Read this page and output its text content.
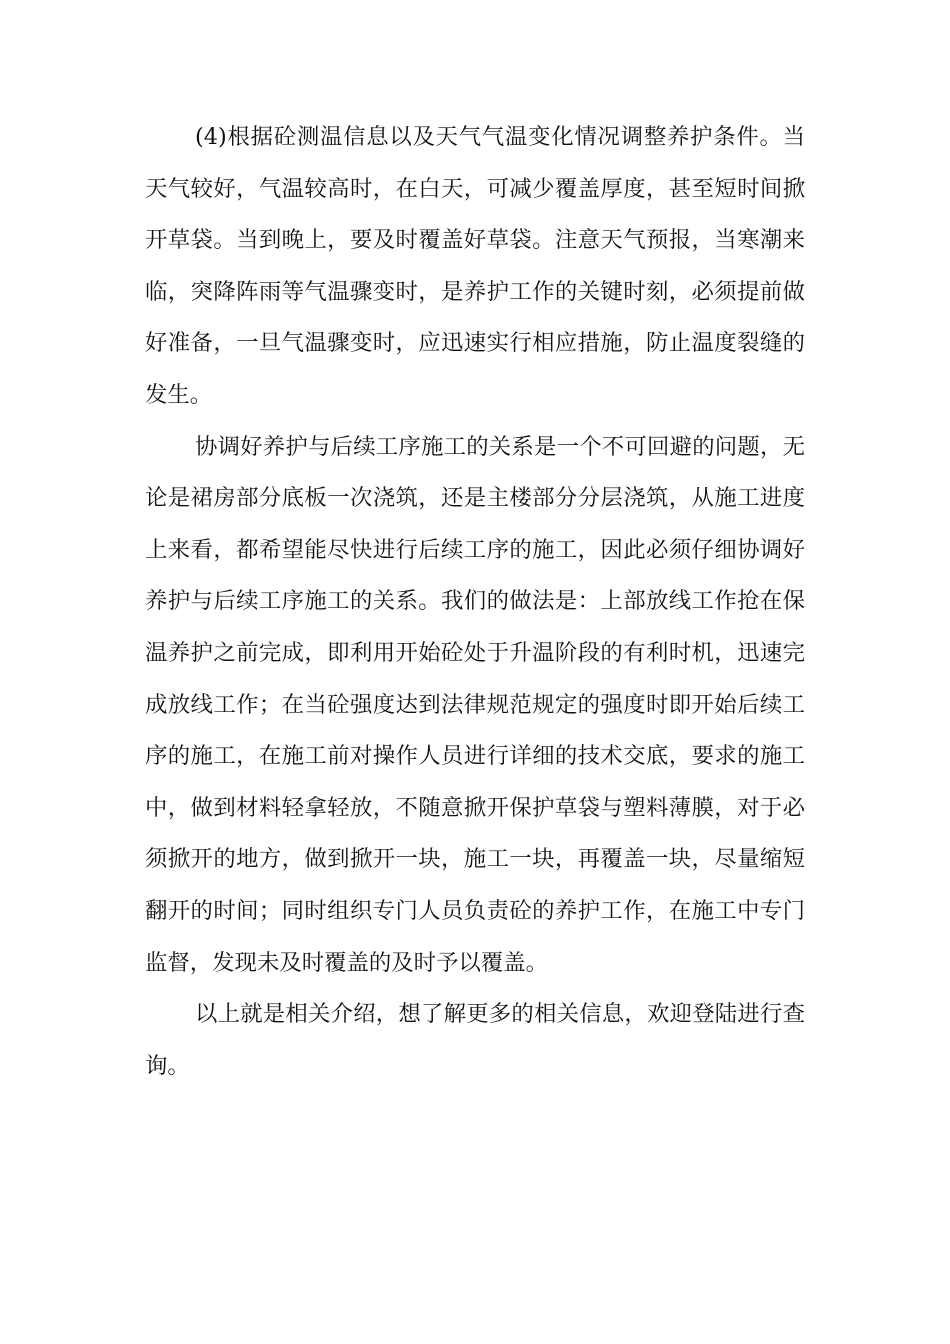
(4)根据砼测温信息以及天气气温变化情况调整养护条件。当
天气较好，气温较高时，在白天，可减少覆盖厚度，甚至短时间掀
开草袋。当到晚上，要及时覆盖好草袋。注意天气预报，当寒潮来
临，突降阵雨等气温骤变时，是养护工作的关键时刻，必须提前做
好准备，一旦气温骤变时，应迅速实行相应措施，防止温度裂缝的
发生。
协调好养护与后续工序施工的关系是一个不可回避的问题，无
论是裙房部分底板一次浇筑，还是主楼部分分层浇筑，从施工进度
上来看，都希望能尽快进行后续工序的施工，因此必须仔细协调好
养护与后续工序施工的关系。我们的做法是：上部放线工作抢在保
温养护之前完成，即利用开始砼处于升温阶段的有利时机，迅速完
成放线工作；在当砼强度达到法律规范规定的强度时即开始后续工
序的施工，在施工前对操作人员进行详细的技术交底，要求的施工
中，做到材料轻拿轻放，不随意掀开保护草袋与塑料薄膜，对于必
须掀开的地方，做到掀开一块，施工一块，再覆盖一块，尽量缩短
翻开的时间；同时组织专门人员负责砼的养护工作，在施工中专门
监督，发现未及时覆盖的及时予以覆盖。
以上就是相关介绍，想了解更多的相关信息，欢迎登陆进行查
询。
